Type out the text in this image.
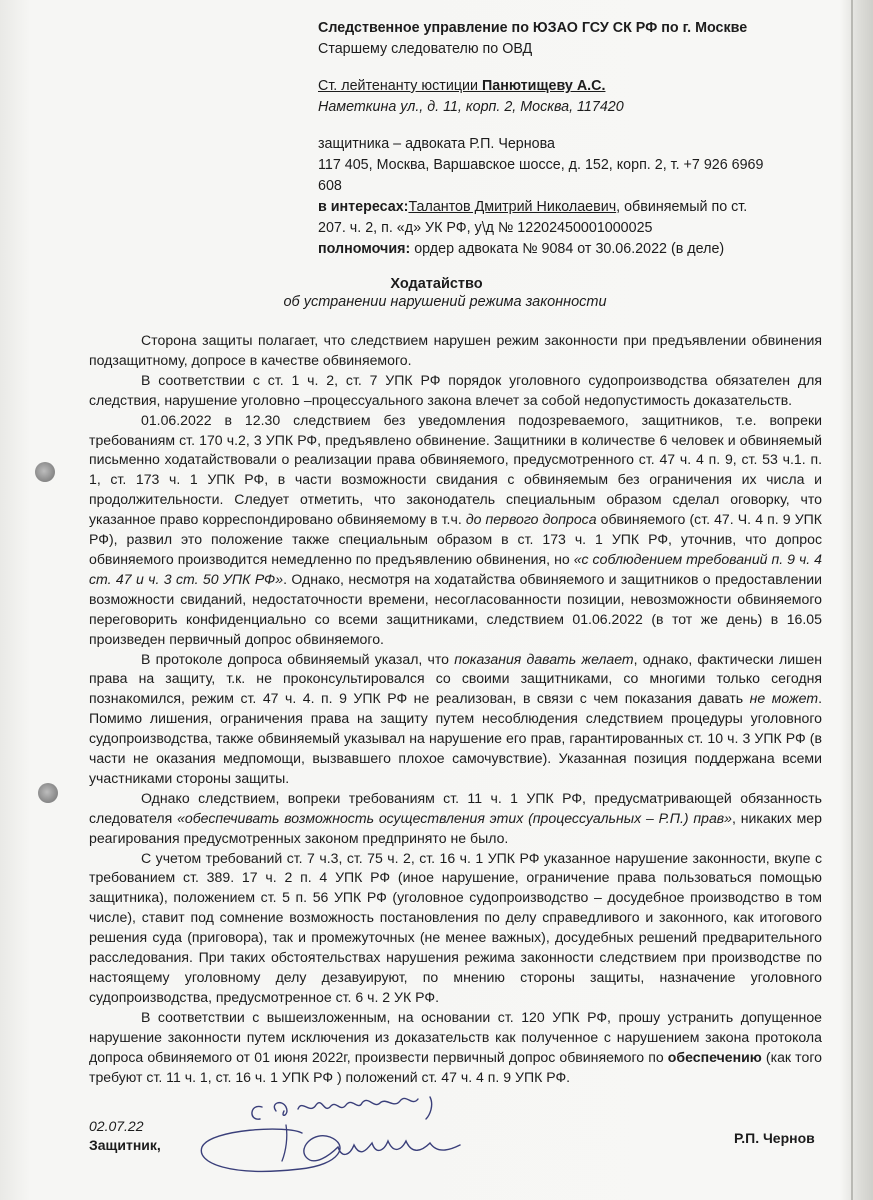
Следственное управление по ЮЗАО ГСУ СК РФ по г. Москве
Старшему следователю по ОВД
Ст. лейтенанту юстиции Панютищеву А.С.
Наметкина ул., д. 11, корп. 2, Москва, 117420
защитника – адвоката Р.П. Чернова
117 405, Москва, Варшавское шоссе, д. 152, корп. 2, т. +7 926 6969
608
в интересах:Талантов Дмитрий Николаевич, обвиняемый по ст.
207. ч. 2, п. «д» УК РФ, у\д № 12202450001000025
полномочия: ордер адвоката № 9084 от 30.06.2022 (в деле)
Ходатайство
об устранении нарушений режима законности

Сторона защиты полагает, что следствием нарушен режим законности при предъявлении обвинения подзащитному, допросе в качестве обвиняемого.

В соответствии с ст. 1 ч. 2, ст. 7 УПК РФ порядок уголовного судопроизводства обязателен для следствия, нарушение уголовно –процессуального закона влечет за собой недопустимость доказательств.

01.06.2022 в 12.30 следствием без уведомления подозреваемого, защитников, т.е. вопреки требованиям ст. 170 ч.2, 3 УПК РФ, предъявлено обвинение. Защитники в количестве 6 человек и обвиняемый письменно ходатайствовали о реализации права обвиняемого, предусмотренного ст. 47 ч. 4 п. 9, ст. 53 ч.1. п. 1, ст. 173 ч. 1 УПК РФ, в части возможности свидания с обвиняемым без ограничения их числа и продолжительности. Следует отметить, что законодатель специальным образом сделал оговорку, что указанное право корреспондировано обвиняемому в т.ч. до первого допроса обвиняемого (ст. 47. Ч. 4 п. 9 УПК РФ), развил это положение также специальным образом в ст. 173 ч. 1 УПК РФ, уточнив, что допрос обвиняемого производится немедленно по предъявлению обвинения, но «с соблюдением требований п. 9 ч. 4 ст. 47 и ч. 3 ст. 50 УПК РФ». Однако, несмотря на ходатайства обвиняемого и защитников о предоставлении возможности свиданий, недостаточности времени, несогласованности позиции, невозможности обвиняемого переговорить конфиденциально со всеми защитниками, следствием 01.06.2022 (в тот же день) в 16.05 произведен первичный допрос обвиняемого.

В протоколе допроса обвиняемый указал, что показания давать желает, однако, фактически лишен права на защиту, т.к. не проконсультировался со своими защитниками, со многими только сегодня познакомился, режим ст. 47 ч. 4. п. 9 УПК РФ не реализован, в связи с чем показания давать не может. Помимо лишения, ограничения права на защиту путем несоблюдения следствием процедуры уголовного судопроизводства, также обвиняемый указывал на нарушение его прав, гарантированных ст. 10 ч. 3 УПК РФ (в части не оказания медпомощи, вызвавшего плохое самочувствие). Указанная позиция поддержана всеми участниками стороны защиты.

Однако следствием, вопреки требованиям ст. 11 ч. 1 УПК РФ, предусматривающей обязанность следователя «обеспечивать возможность осуществления этих (процессуальных – Р.П.) прав», никаких мер реагирования предусмотренных законом предпринято не было.

С учетом требований ст. 7 ч.3, ст. 75 ч. 2, ст. 16 ч. 1 УПК РФ указанное нарушение законности, вкупе с требованием ст. 389. 17 ч. 2 п. 4 УПК РФ (иное нарушение, ограничение права пользоваться помощью защитника), положением ст. 5 п. 56 УПК РФ (уголовное судопроизводство – досудебное производство в том числе), ставит под сомнение возможность постановления по делу справедливого и законного, как итогового решения суда (приговора), так и промежуточных (не менее важных), досудебных решений предварительного расследования. При таких обстоятельствах нарушения режима законности следствием при производстве по настоящему уголовному делу дезавуируют, по мнению стороны защиты, назначение уголовного судопроизводства, предусмотренное ст. 6 ч. 2 УК РФ.

В соответствии с вышеизложенным, на основании ст. 120 УПК РФ, прошу устранить допущенное нарушение законности путем исключения из доказательств как полученное с нарушением закона протокола допроса обвиняемого от 01 июня 2022г, произвести первичный допрос обвиняемого по обеспечению (как того требуют ст. 11 ч. 1, ст. 16 ч. 1 УПК РФ ) положений ст. 47 ч. 4 п. 9 УПК РФ.

02.07.22
Защитник,	Р.П. Чернов
